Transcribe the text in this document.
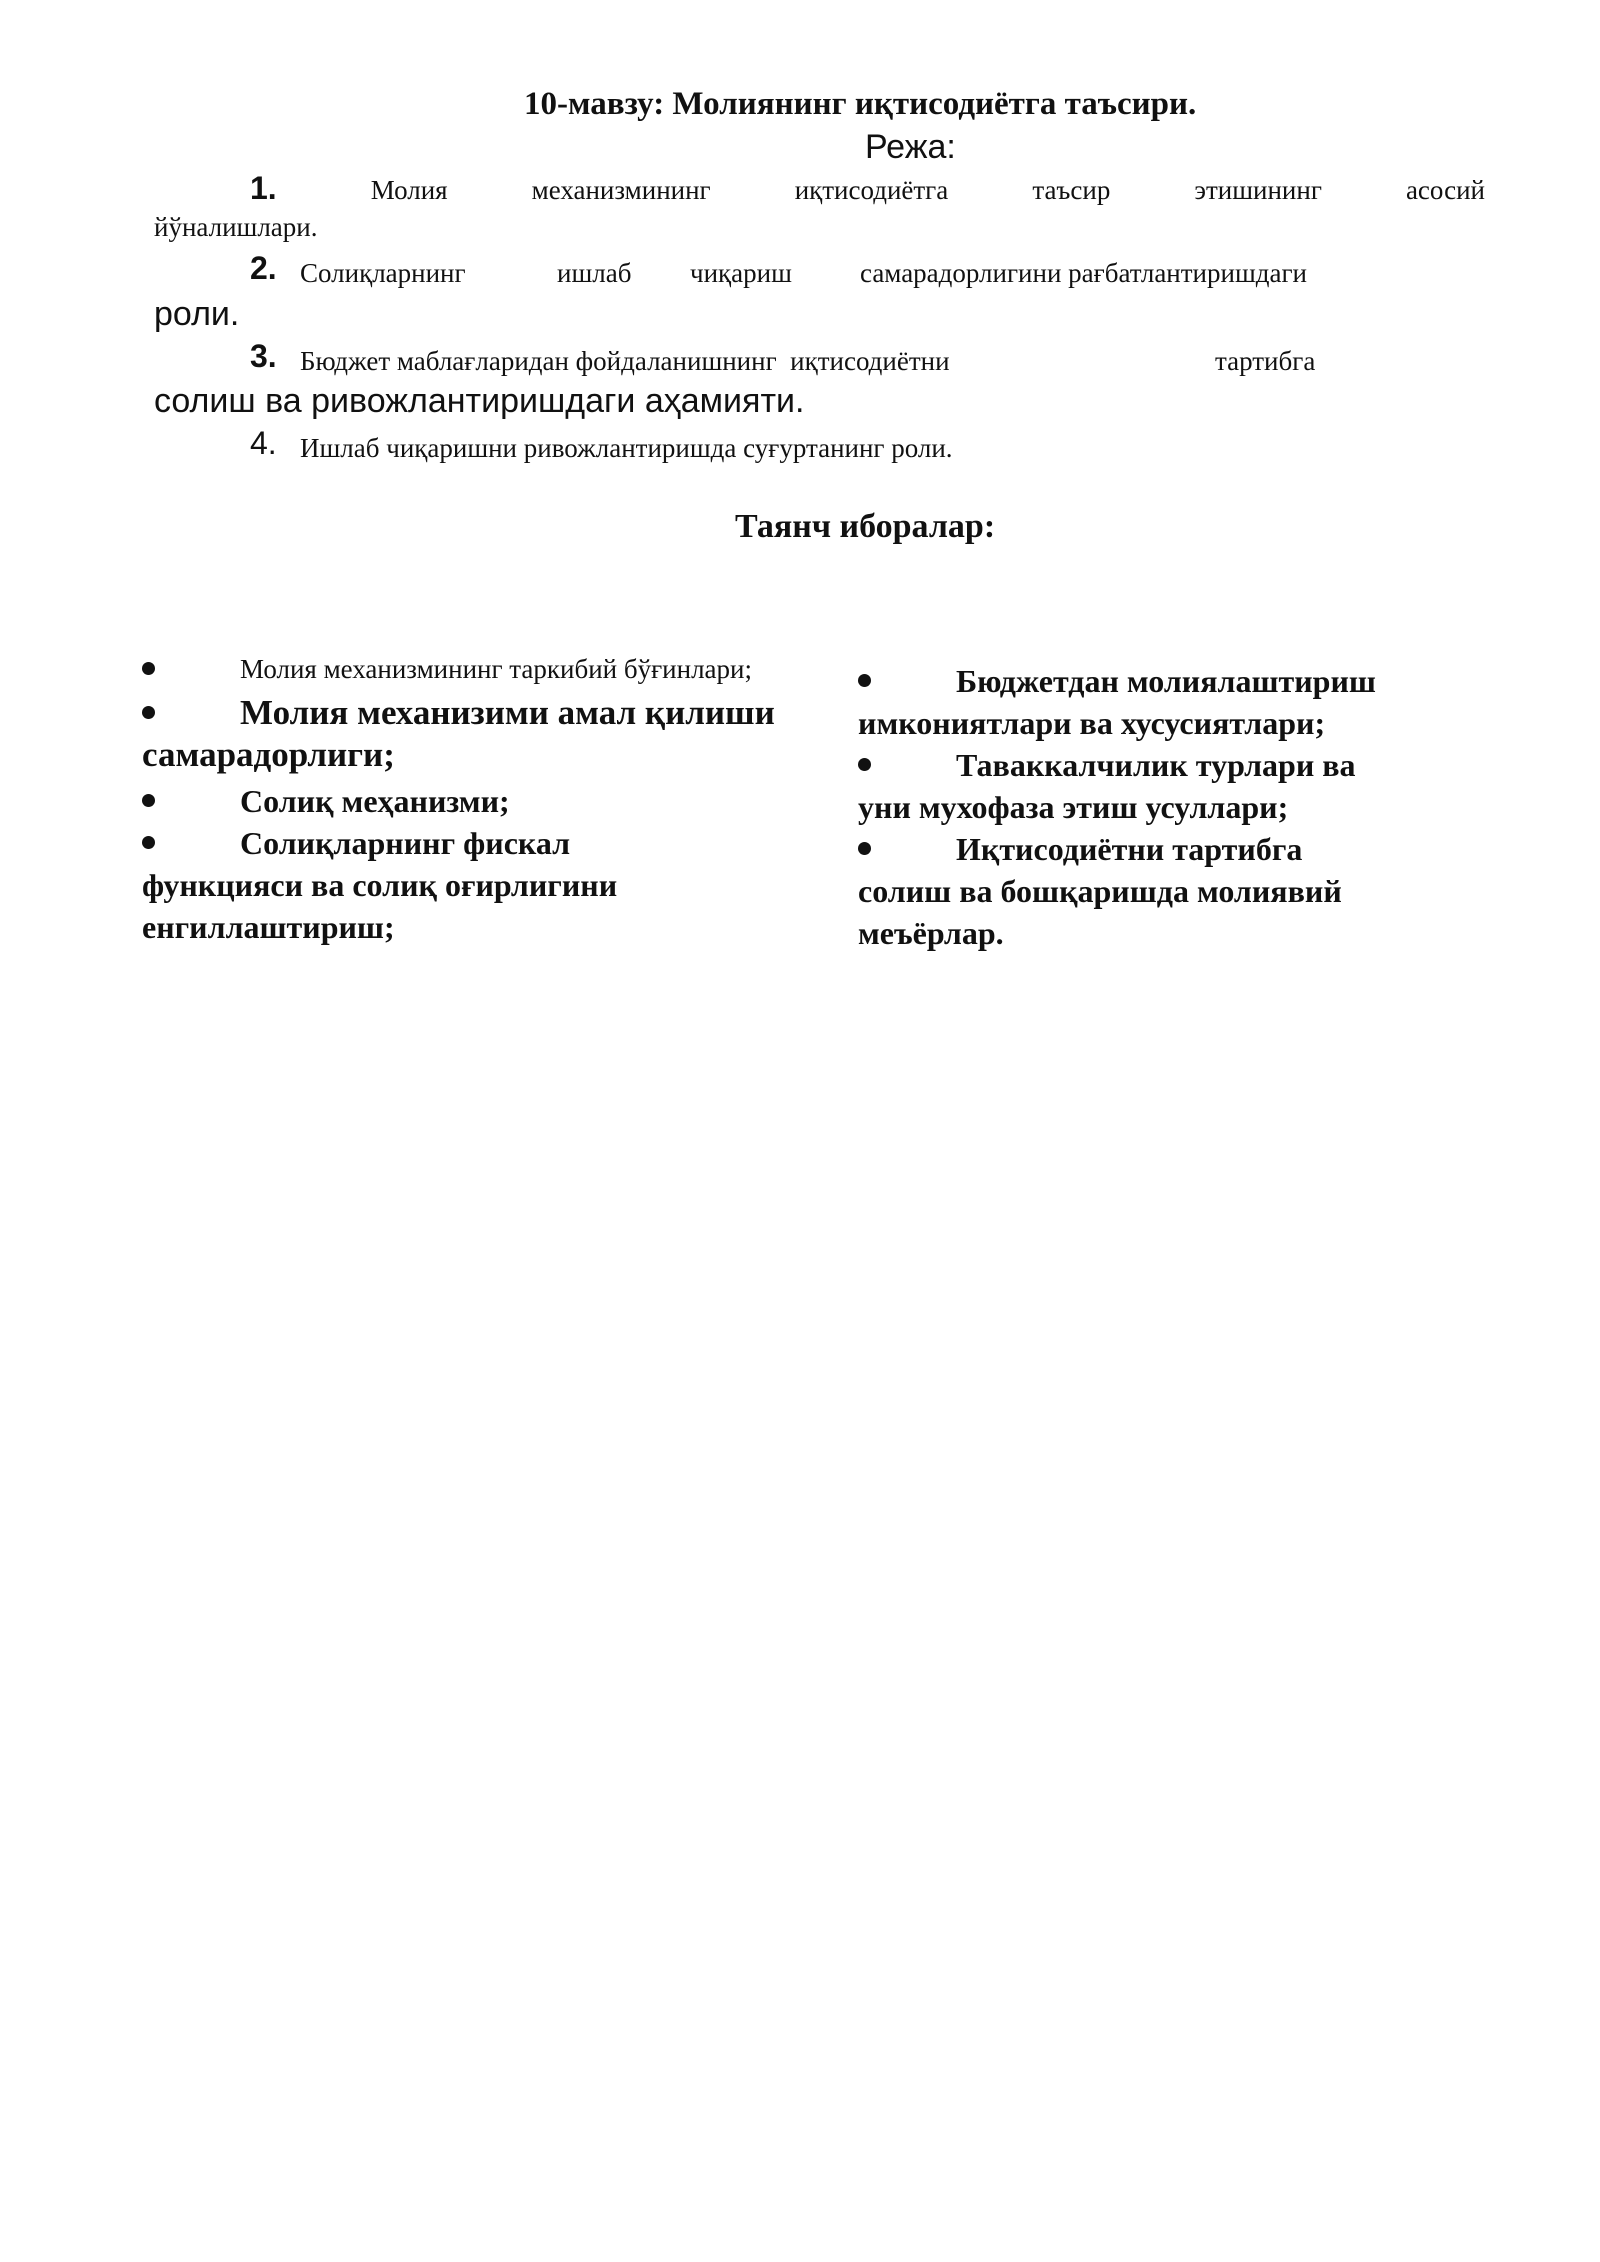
10-мавзу: Молиянинг иқтисодиётга таъсири.
Режа:
1.	Молия	механизмининг	иқтисодиётга	таъсир	этишининг	асосий
йўналишлари.
2. Солиқларнинг	ишлаб чиқариш	самарадорлигини рағбатлантиришдаги
роли.
3. Бюджет маблағларидан фойдаланишнинг  иқтисодиётни	тартибга
солиш ва ривожлантиришдаги аҳамияти.
4. Ишлаб чиқаришни ривожлантиришда суғуртанинг роли.
Таянч иборалар:
Молия механизмининг таркибий бўғинлари;
Молия механизими амал қилиши самарадорлиги;
Солиқ меҳанизми;
Солиқларнинг фискал функцияси ва солиқ оғирлигини енгиллаштириш;
Бюджетдан молиялаштириш имкониятлари ва хусусиятлари;
Таваккалчилик турлари ва уни мухофаза этиш усуллари;
Иқтисодиётни тартибга солиш ва бошқаришда молиявий меъёрлар.
